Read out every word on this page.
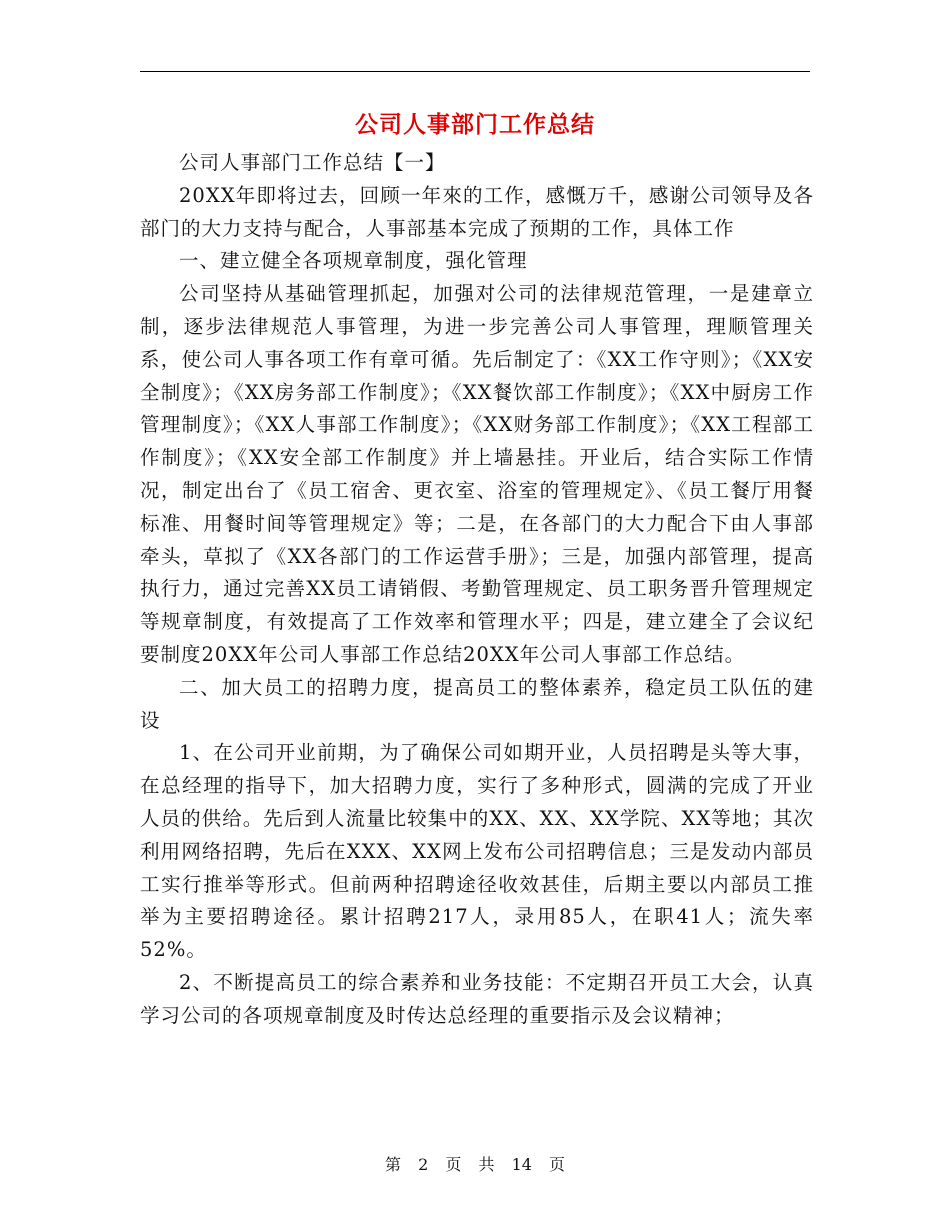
公司人事部门工作总结

公司人事部门工作总结【一】

20XX年即将过去，回顾一年來的工作，感慨万千，感谢公司领导及各部门的大力支持与配合，人事部基本完成了预期的工作，具体工作

一、建立健全各项规章制度，强化管理

公司坚持从基础管理抓起，加强对公司的法律规范管理，一是建章立制，逐步法律规范人事管理，为进一步完善公司人事管理，理顺管理关系，使公司人事各项工作有章可循。先后制定了：《XX工作守则》；《XX安全制度》；《XX房务部工作制度》；《XX餐饮部工作制度》；《XX中厨房工作管理制度》；《XX人事部工作制度》；《XX财务部工作制度》；《XX工程部工作制度》；《XX安全部工作制度》并上墙悬挂。开业后，结合实际工作情况，制定出台了《员工宿舍、更衣室、浴室的管理规定》、《员工餐厅用餐标准、用餐时间等管理规定》等；二是，在各部门的大力配合下由人事部牵头，草拟了《XX各部门的工作运营手册》；三是，加强内部管理，提高执行力，通过完善XX员工请销假、考勤管理规定、员工职务晋升管理规定等规章制度，有效提高了工作效率和管理水平；四是，建立建全了会议纪要制度20XX年公司人事部工作总结20XX年公司人事部工作总结。

二、加大员工的招聘力度，提高员工的整体素养，稳定员工队伍的建设

1、在公司开业前期，为了确保公司如期开业，人员招聘是头等大事，在总经理的指导下，加大招聘力度，实行了多种形式，圆满的完成了开业人员的供给。先后到人流量比较集中的XX、XX、XX学院、XX等地；其次利用网络招聘，先后在XXX、XX网上发布公司招聘信息；三是发动内部员工实行推举等形式。但前两种招聘途径收效甚佳，后期主要以内部员工推举为主要招聘途径。累计招聘217人，录用85人，在职41人；流失率52%。

2、不断提高员工的综合素养和业务技能：不定期召开员工大会，认真学习公司的各项规章制度及时传达总经理的重要指示及会议精神；

第 2 页 共 14 页
